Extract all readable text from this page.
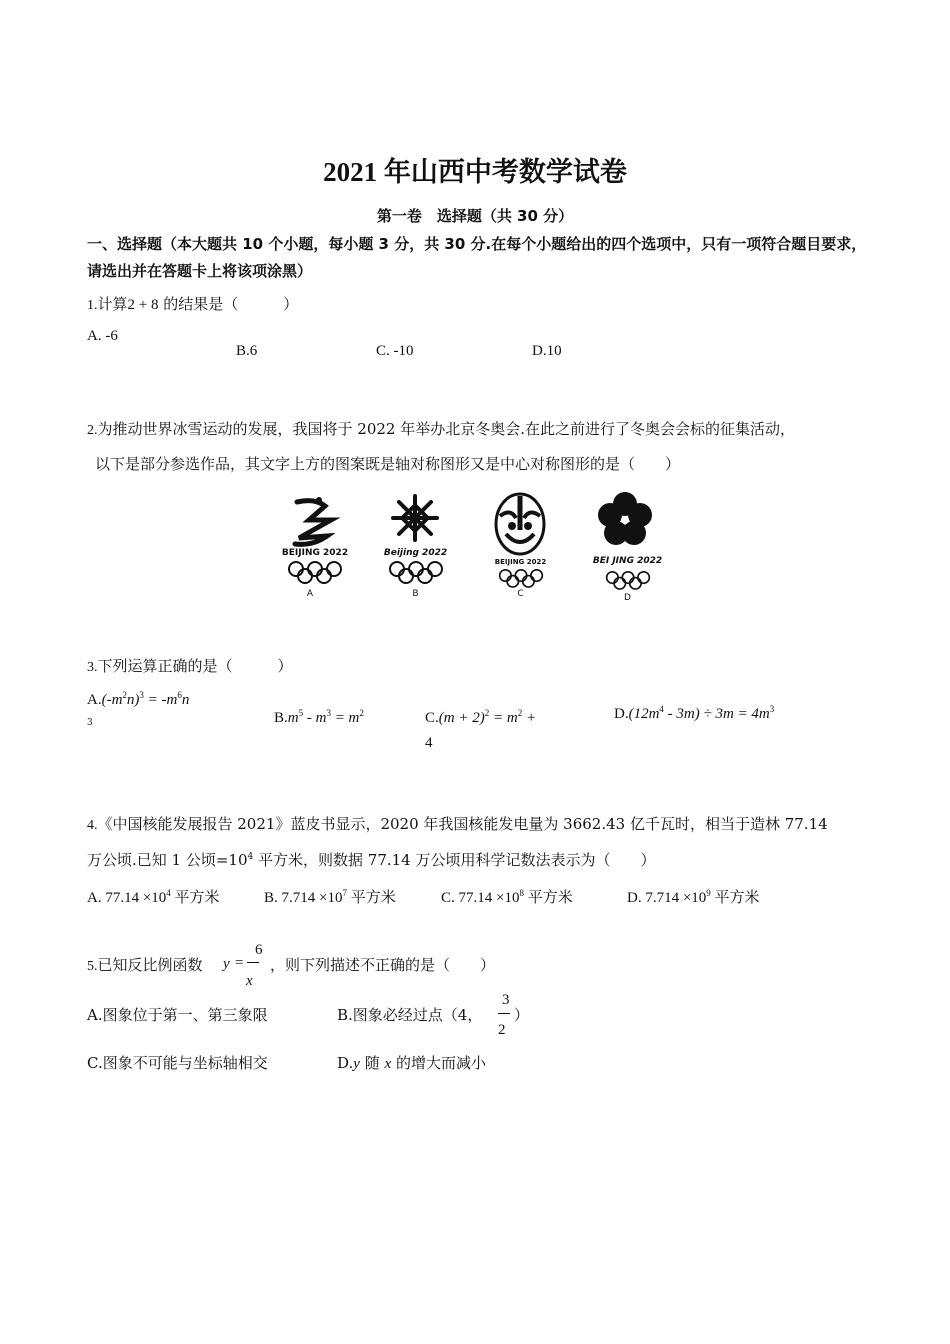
2021 年山西中考数学试卷
第一卷　选择题（共 30 分）
一、选择题（本大题共 10 个小题，每小题 3 分，共 30 分.在每个小题给出的四个选项中，只有一项符合题目要求，请选出并在答题卡上将该项涂黑）
1.计算2 + 8 的结果是（　　　）
A. -6
B.6	C. -10	D.10
2.为推动世界冰雪运动的发展，我国将于 2022 年举办北京冬奥会.在此之前进行了冬奥会会标的征集活动，
以下是部分参选作品，其文字上方的图案既是轴对称图形又是中心对称图形的是（　　）
BEIJING 2022
A
Beijing 2022
B
BEIJING 2022
C
BEI JING 2022
D
3.下列运算正确的是（　　　）
$A.(-m^2n)^3 = -m^6n$
3	$B.m^5 - m^3 = m^2$	$C.(m + 2)^2 = m^2$ +
4
$D.(12m^4 - 3m) \div 3m = 4m^3$
4.《中国核能发展报告 2021》蓝皮书显示，2020 年我国核能发电量为 3662.43 亿千瓦时，相当于造林 77.14
万公顷.已知 1 公顷$=10^4$ 平方米，则数据 77.14 万公顷用科学记数法表示为（　　）
A. $77.14 \times 10^4$ 平方米	B. $7.714 \times 10^7$ 平方米	C. $77.14 \times 10^8$ 平方米	D. $7.714 \times 10^9$ 平方米
5.已知反比例函数 y =
6
x
，则下列描述不正确的是（　　）
A.图象位于第一、第三象限	B.图象必经过点（4，
3
2
）
C.图象不可能与坐标轴相交	D.y 随 x 的增大而减小
